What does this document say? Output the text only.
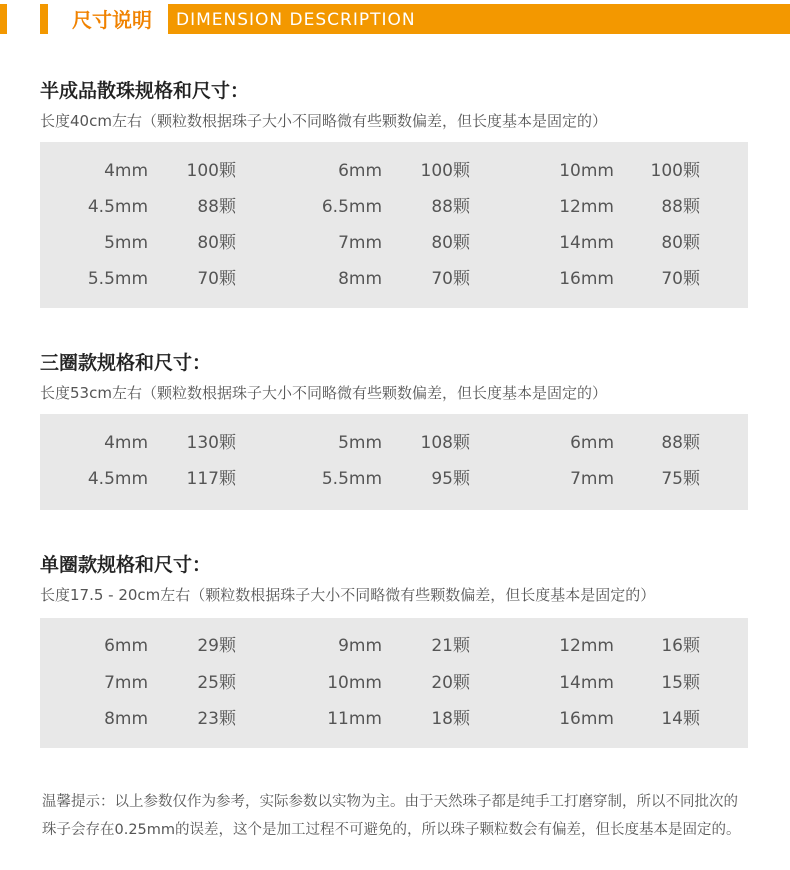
尺寸说明	DIMENSION DESCRIPTION
半成品散珠规格和尺寸：
长度40cm左右（颗粒数根据珠子大小不同略微有些颗数偏差，但长度基本是固定的）
4mm	100颗	6mm	100颗	10mm	100颗
4.5mm	88颗	6.5mm	88颗	12mm	88颗
5mm	80颗	7mm	80颗	14mm	80颗
5.5mm	70颗	8mm	70颗	16mm	70颗
三圈款规格和尺寸：
长度53cm左右（颗粒数根据珠子大小不同略微有些颗数偏差，但长度基本是固定的）
4mm	130颗	5mm	108颗	6mm	88颗
4.5mm	117颗	5.5mm	95颗	7mm	75颗
单圈款规格和尺寸：
长度17.5 - 20cm左右（颗粒数根据珠子大小不同略微有些颗数偏差，但长度基本是固定的）
6mm	29颗	9mm	21颗	12mm	16颗
7mm	25颗	10mm	20颗	14mm	15颗
8mm	23颗	11mm	18颗	16mm	14颗
温馨提示：以上参数仅作为参考，实际参数以实物为主。由于天然珠子都是纯手工打磨穿制，所以不同批次的珠子会存在0.25mm的误差，这个是加工过程不可避免的，所以珠子颗粒数会有偏差，但长度基本是固定的。
